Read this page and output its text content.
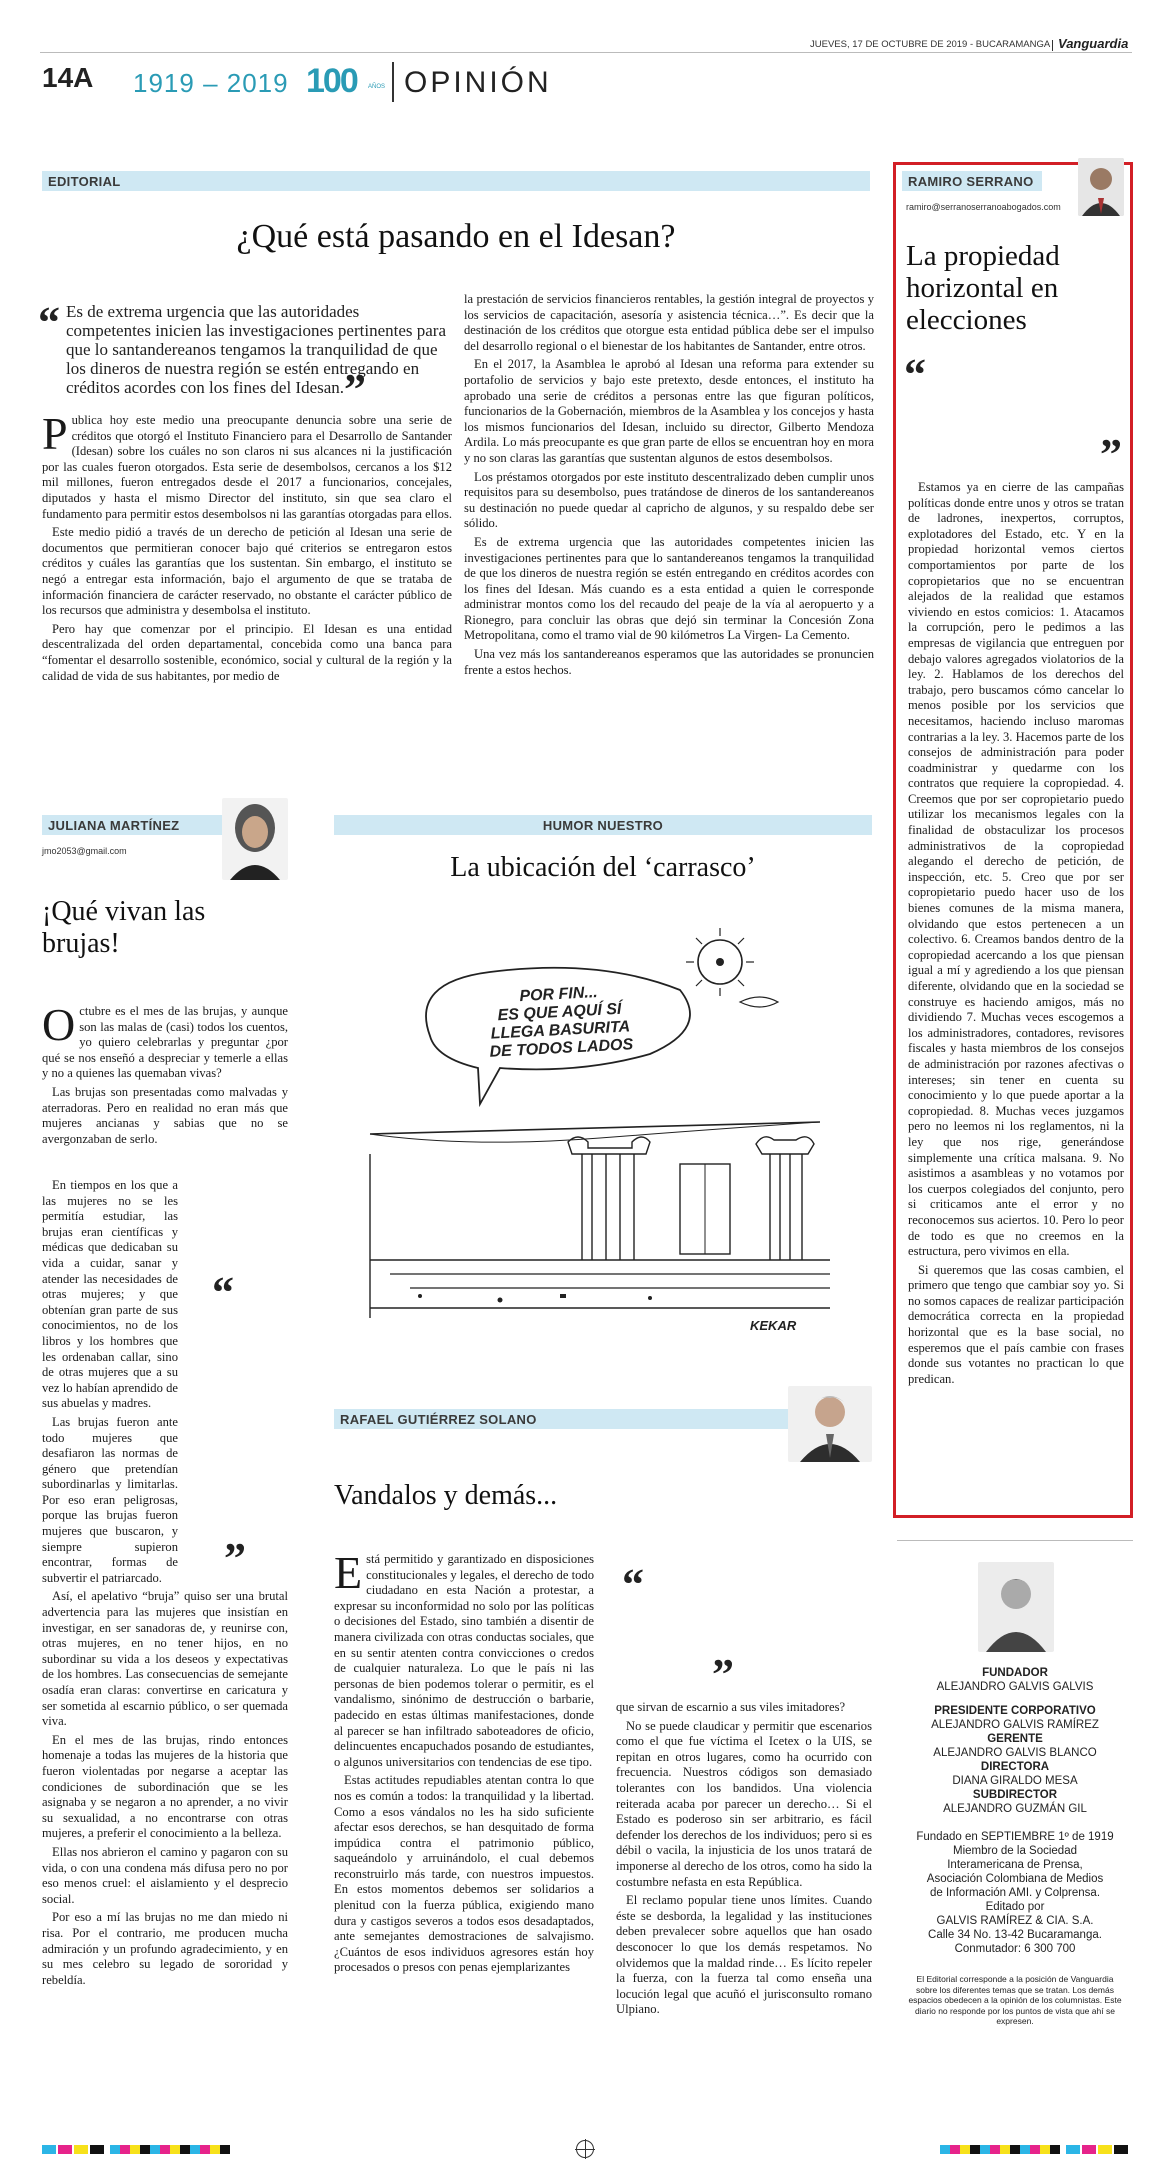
JUEVES, 17 DE OCTUBRE DE 2019 - BUCARAMANGA Vanguardia
14A 1919 – 2019 100 AÑOS OPINIÓN
EDITORIAL
¿Qué está pasando en el Idesan?
“ Es de extrema urgencia que las autoridades competentes inicien las investigaciones pertinentes para que lo santandereanos tengamos la tranquilidad de que los dineros de nuestra región se estén entregando en créditos acordes con los fines del Idesan. ”

Publica hoy este medio una preocupante denuncia sobre una serie de créditos que otorgó el Instituto Financiero para el Desarrollo de Santander (Idesan) sobre los cuáles no son claros ni sus alcances ni la justificación por las cuales fueron otorgados. Esta serie de desembolsos, cercanos a los $12 mil millones, fueron entregados desde el 2017 a funcionarios, concejales, diputados y hasta el mismo Director del instituto, sin que sea claro el fundamento para permitir estos desembolsos ni las garantías otorgadas para ellos.

Este medio pidió a través de un derecho de petición al Idesan una serie de documentos que permitieran conocer bajo qué criterios se entregaron estos créditos y cuáles las garantías que los sustentan. Sin embargo, el instituto se negó a entregar esta información, bajo el argumento de que se trataba de información financiera de carácter reservado, no obstante el carácter público de los recursos que administra y desembolsa el instituto.

Pero hay que comenzar por el principio. El Idesan es una entidad descentralizada del orden departamental, concebida como una banca para “fomentar el desarrollo sostenible, económico, social y cultural de la región y la calidad de vida de sus habitantes, por medio de

la prestación de servicios financieros rentables, la gestión integral de proyectos y los servicios de capacitación, asesoría y asistencia técnica…”. Es decir que la destinación de los créditos que otorgue esta entidad pública debe ser el impulso del desarrollo regional o el bienestar de los habitantes de Santander, entre otros.

En el 2017, la Asamblea le aprobó al Idesan una reforma para extender su portafolio de servicios y bajo este pretexto, desde entonces, el instituto ha aprobado una serie de créditos a personas entre las que figuran políticos, funcionarios de la Gobernación, miembros de la Asamblea y los concejos y hasta los mismos funcionarios del Idesan, incluido su director, Gilberto Mendoza Ardila. Lo más preocupante es que gran parte de ellos se encuentran hoy en mora y no son claras las garantías que sustentan algunos de estos desembolsos.

Los préstamos otorgados por este instituto descentralizado deben cumplir unos requisitos para su desembolso, pues tratándose de dineros de los santandereanos su destinación no puede quedar al capricho de algunos, y su respaldo debe ser sólido.

Es de extrema urgencia que las autoridades competentes inicien las investigaciones pertinentes para que lo santandereanos tengamos la tranquilidad de que los dineros de nuestra región se estén entregando en créditos acordes con los fines del Idesan. Más cuando es a esta entidad a quien le corresponde administrar montos como los del recaudo del peaje de la vía al aeropuerto y a Rionegro, para concluir las obras que dejó sin terminar la Concesión Zona Metropolitana, como el tramo vial de 90 kilómetros La Virgen- La Cemento.

Una vez más los santandereanos esperamos que las autoridades se pronuncien frente a estos hechos.

RAMIRO SERRANO
ramiro@serranoserranoabogados.com
La propiedad horizontal en elecciones
“
”

Estamos ya en cierre de las campañas políticas donde entre unos y otros se tratan de ladrones, inexpertos, corruptos, explotadores del Estado, etc. Y en la propiedad horizontal vemos ciertos comportamientos por parte de los copropietarios que no se encuentran alejados de la realidad que estamos viviendo en estos comicios: 1. Atacamos la corrupción, pero le pedimos a las empresas de vigilancia que entreguen por debajo valores agregados violatorios de la ley. 2. Hablamos de los derechos del trabajo, pero buscamos cómo cancelar lo menos posible por los servicios que necesitamos, haciendo incluso maromas contrarias a la ley. 3. Hacemos parte de los consejos de administración para poder coadministrar y quedarme con los contratos que requiere la copropiedad. 4. Creemos que por ser copropietario puedo utilizar los mecanismos legales con la finalidad de obstaculizar los procesos administrativos de la copropiedad alegando el derecho de petición, de inspección, etc. 5. Creo que por ser copropietario puedo hacer uso de los bienes comunes de la misma manera, olvidando que estos pertenecen a un colectivo. 6. Creamos bandos dentro de la copropiedad acercando a los que piensan igual a mí y agrediendo a los que piensan diferente, olvidando que en la sociedad se construye es haciendo amigos, más no dividiendo 7. Muchas veces escogemos a los administradores, contadores, revisores fiscales y hasta miembros de los consejos de administración por razones afectivas o intereses; sin tener en cuenta su conocimiento y lo que puede aportar a la copropiedad. 8. Muchas veces juzgamos pero no leemos ni los reglamentos, ni la ley que nos rige, generándose simplemente una crítica malsana. 9. No asistimos a asambleas y no votamos por los cuerpos colegiados del conjunto, pero si criticamos ante el error y no reconocemos sus aciertos. 10. Pero lo peor de todo es que no creemos en la estructura, pero vivimos en ella.

Si queremos que las cosas cambien, el primero que tengo que cambiar soy yo. Si no somos capaces de realizar participación democrática correcta en la propiedad horizontal que es la base social, no esperemos que el país cambie con frases donde sus votantes no practican lo que predican.

JULIANA MARTÍNEZ
jmo2053@gmail.com
¡Qué vivan las brujas!

Octubre es el mes de las brujas, y aunque son las malas de (casi) todos los cuentos, yo quiero celebrarlas y preguntar ¿por qué se nos enseñó a despreciar y temerle a ellas y no a quienes las quemaban vivas?

Las brujas son presentadas como malvadas y aterradoras. Pero en realidad no eran más que mujeres ancianas y sabias que no se avergonzaban de serlo.

“
”

En tiempos en los que a las mujeres no se les permitía estudiar, las brujas eran científicas y médicas que dedicaban su vida a cuidar, sanar y atender las necesidades de otras mujeres; y que obtenían gran parte de sus conocimientos, no de los libros y los hombres que les ordenaban callar, sino de otras mujeres que a su vez lo habían aprendido de sus abuelas y madres.

Las brujas fueron ante todo mujeres que desafiaron las normas de género que pretendían subordinarlas y limitarlas. Por eso eran peligrosas, porque las brujas fueron mujeres que buscaron, y siempre supieron encontrar, formas de subvertir el patriarcado.

Así, el apelativo “bruja” quiso ser una brutal advertencia para las mujeres que insistían en investigar, en ser sanadoras de, y reunirse con, otras mujeres, en no tener hijos, en no subordinar su vida a los deseos y expectativas de los hombres. Las consecuencias de semejante osadía eran claras: convertirse en caricatura y ser sometida al escarnio público, o ser quemada viva.

En el mes de las brujas, rindo entonces homenaje a todas las mujeres de la historia que fueron violentadas por negarse a aceptar las condiciones de subordinación que se les asignaba y se negaron a no aprender, a no vivir su sexualidad, a no encontrarse con otras mujeres, a preferir el conocimiento a la belleza.

Ellas nos abrieron el camino y pagaron con su vida, o con una condena más difusa pero no por eso menos cruel: el aislamiento y el desprecio social.

Por eso a mí las brujas no me dan miedo ni risa. Por el contrario, me producen mucha admiración y un profundo agradecimiento, y en su mes celebro su legado de sororidad y rebeldía.

HUMOR NUESTRO
La ubicación del ‘carrasco’
POR FIN...
ES QUE AQUÍ SÍ
LLEGA BASURITA
DE TODOS LADOS
KEKAR
RAFAEL GUTIÉRREZ SOLANO
Vandalos y demás...

Está permitido y garantizado en disposiciones constitucionales y legales, el derecho de todo ciudadano en esta Nación a protestar, a expresar su inconformidad no solo por las políticas o decisiones del Estado, sino también a disentir de manera civilizada con otras conductas sociales, que en su sentir atenten contra convicciones o credos de cualquier naturaleza. Lo que le país ni las personas de bien podemos tolerar o permitir, es el vandalismo, sinónimo de destrucción o barbarie, padecido en estas últimas manifestaciones, donde al parecer se han infiltrado saboteadores de oficio, delincuentes encapuchados posando de estudiantes, o algunos universitarios con tendencias de ese tipo.

Estas actitudes repudiables atentan contra lo que nos es común a todos: la tranquilidad y la libertad. Como a esos vándalos no les ha sido suficiente afectar esos derechos, se han desquitado de forma impúdica contra el patrimonio público, saqueándolo y arruinándolo, el cual debemos reconstruirlo más tarde, con nuestros impuestos. En estos momentos debemos ser solidarios a plenitud con la fuerza pública, exigiendo mano dura y castigos severos a todos esos desadaptados, ante semejantes demostraciones de salvajismo. ¿Cuántos de esos individuos agresores están hoy procesados o presos con penas ejemplarizantes

“
”

que sirvan de escarnio a sus viles imitadores?

No se puede claudicar y permitir que escenarios como el que fue víctima el Icetex o la UIS, se repitan en otros lugares, como ha ocurrido con frecuencia. Nuestros códigos son demasiado tolerantes con los bandidos. Una violencia reiterada acaba por parecer un derecho… Si el Estado es poderoso sin ser arbitrario, es fácil defender los derechos de los individuos; pero si es débil o vacila, la injusticia de los unos tratará de imponerse al derecho de los otros, como ha sido la costumbre nefasta en esta República.

El reclamo popular tiene unos límites. Cuando éste se desborda, la legalidad y las instituciones deben prevalecer sobre aquellos que han osado desconocer lo que los demás respetamos. No olvidemos que la maldad rinde… Es lícito repeler la fuerza, con la fuerza tal como enseña una locución legal que acuñó el jurisconsulto romano Ulpiano.

FUNDADOR
ALEJANDRO GALVIS GALVIS
PRESIDENTE CORPORATIVO
ALEJANDRO GALVIS RAMÍREZ
GERENTE
ALEJANDRO GALVIS BLANCO
DIRECTORA
DIANA GIRALDO MESA
SUBDIRECTOR
ALEJANDRO GUZMÁN GIL
Fundado en SEPTIEMBRE 1º de 1919
Miembro de la Sociedad
Interamericana de Prensa,
Asociación Colombiana de Medios
de Información AMI. y Colprensa.
Editado por
GALVIS RAMÍREZ & CIA. S.A.
Calle 34 No. 13-42 Bucaramanga.
Conmutador: 6 300 700
El Editorial corresponde a la posición de Vanguardia sobre los diferentes temas que se tratan. Los demás espacios obedecen a la opinión de los columnistas. Este diario no responde por los puntos de vista que ahí se expresen.
